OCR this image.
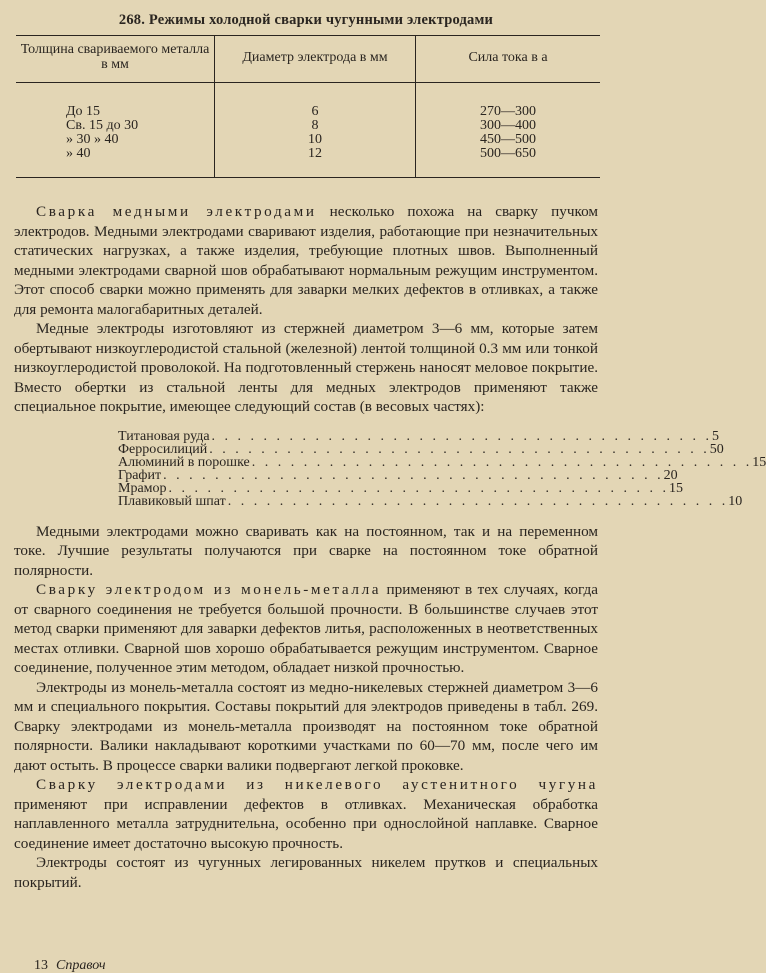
268. Режимы холодной сварки чугунными электродами
Толщина свариваемого металла в мм	Диаметр электрода в мм	Сила тока в a
До 15	6	270—300
Св. 15 до 30	8	300—400
» 30 » 40	10	450—500
» 40	12	500—650

Сварка медными электродами несколько похожа на сварку пучком электродов. Медными электродами сваривают изделия, работающие при незначительных статических нагрузках, а также изделия, требующие плотных швов. Выполненный медными электродами сварной шов обрабатывают нормальным режущим инструментом. Этот способ сварки можно применять для заварки мелких дефектов в отливках, а также для ремонта малогабаритных деталей.

Медные электроды изготовляют из стержней диаметром 3—6 мм, которые затем обертывают низкоуглеродистой стальной (железной) лентой толщиной 0.3 мм или тонкой низкоуглеродистой проволокой. На подготовленный стержень наносят меловое покрытие. Вместо обертки из стальной ленты для медных электродов применяют также специальное покрытие, имеющее следующий состав (в весовых частях):

Титановая руда . . . . . . . . . . . . . . . . . . . . . . . . . . . . . . . . . . . . . . . 5
Ферросилиций . . . . . . . . . . . . . . . . . . . . . . . . . . . . . . . . . . . . . . . 50
Алюминий в порошке . . . . . . . . . . . . . . . . . . . . . . . . . . . . . . . . . . . . . . . 15
Графит . . . . . . . . . . . . . . . . . . . . . . . . . . . . . . . . . . . . . . . 20
Мрамор . . . . . . . . . . . . . . . . . . . . . . . . . . . . . . . . . . . . . . . 15
Плавиковый шпат . . . . . . . . . . . . . . . . . . . . . . . . . . . . . . . . . . . . . . . 10

Медными электродами можно сваривать как на постоянном, так и на переменном токе. Лучшие результаты получаются при сварке на постоянном токе обратной полярности.

Сварку электродом из монель-металла применяют в тех случаях, когда от сварного соединения не требуется большой прочности. В большинстве случаев этот метод сварки применяют для заварки дефектов литья, расположенных в неответственных местах отливки. Сварной шов хорошо обрабатывается режущим инструментом. Сварное соединение, полученное этим методом, обладает низкой прочностью.

Электроды из монель-металла состоят из медно-никелевых стержней диаметром 3—6 мм и специального покрытия. Составы покрытий для электродов приведены в табл. 269. Сварку электродами из монель-металла производят на постоянном токе обратной полярности. Валики накладывают короткими участками по 60—70 мм, после чего им дают остыть. В процессе сварки валики подвергают легкой проковке.

Сварку электродами из никелевого аустенитного чугуна применяют при исправлении дефектов в отливках. Механическая обработка наплавленного металла затруднительна, особенно при однослойной наплавке. Сварное соединение имеет достаточно высокую прочность.

Электроды состоят из чугунных легированных никелем прутков и специальных покрытий.

13 Справоч
